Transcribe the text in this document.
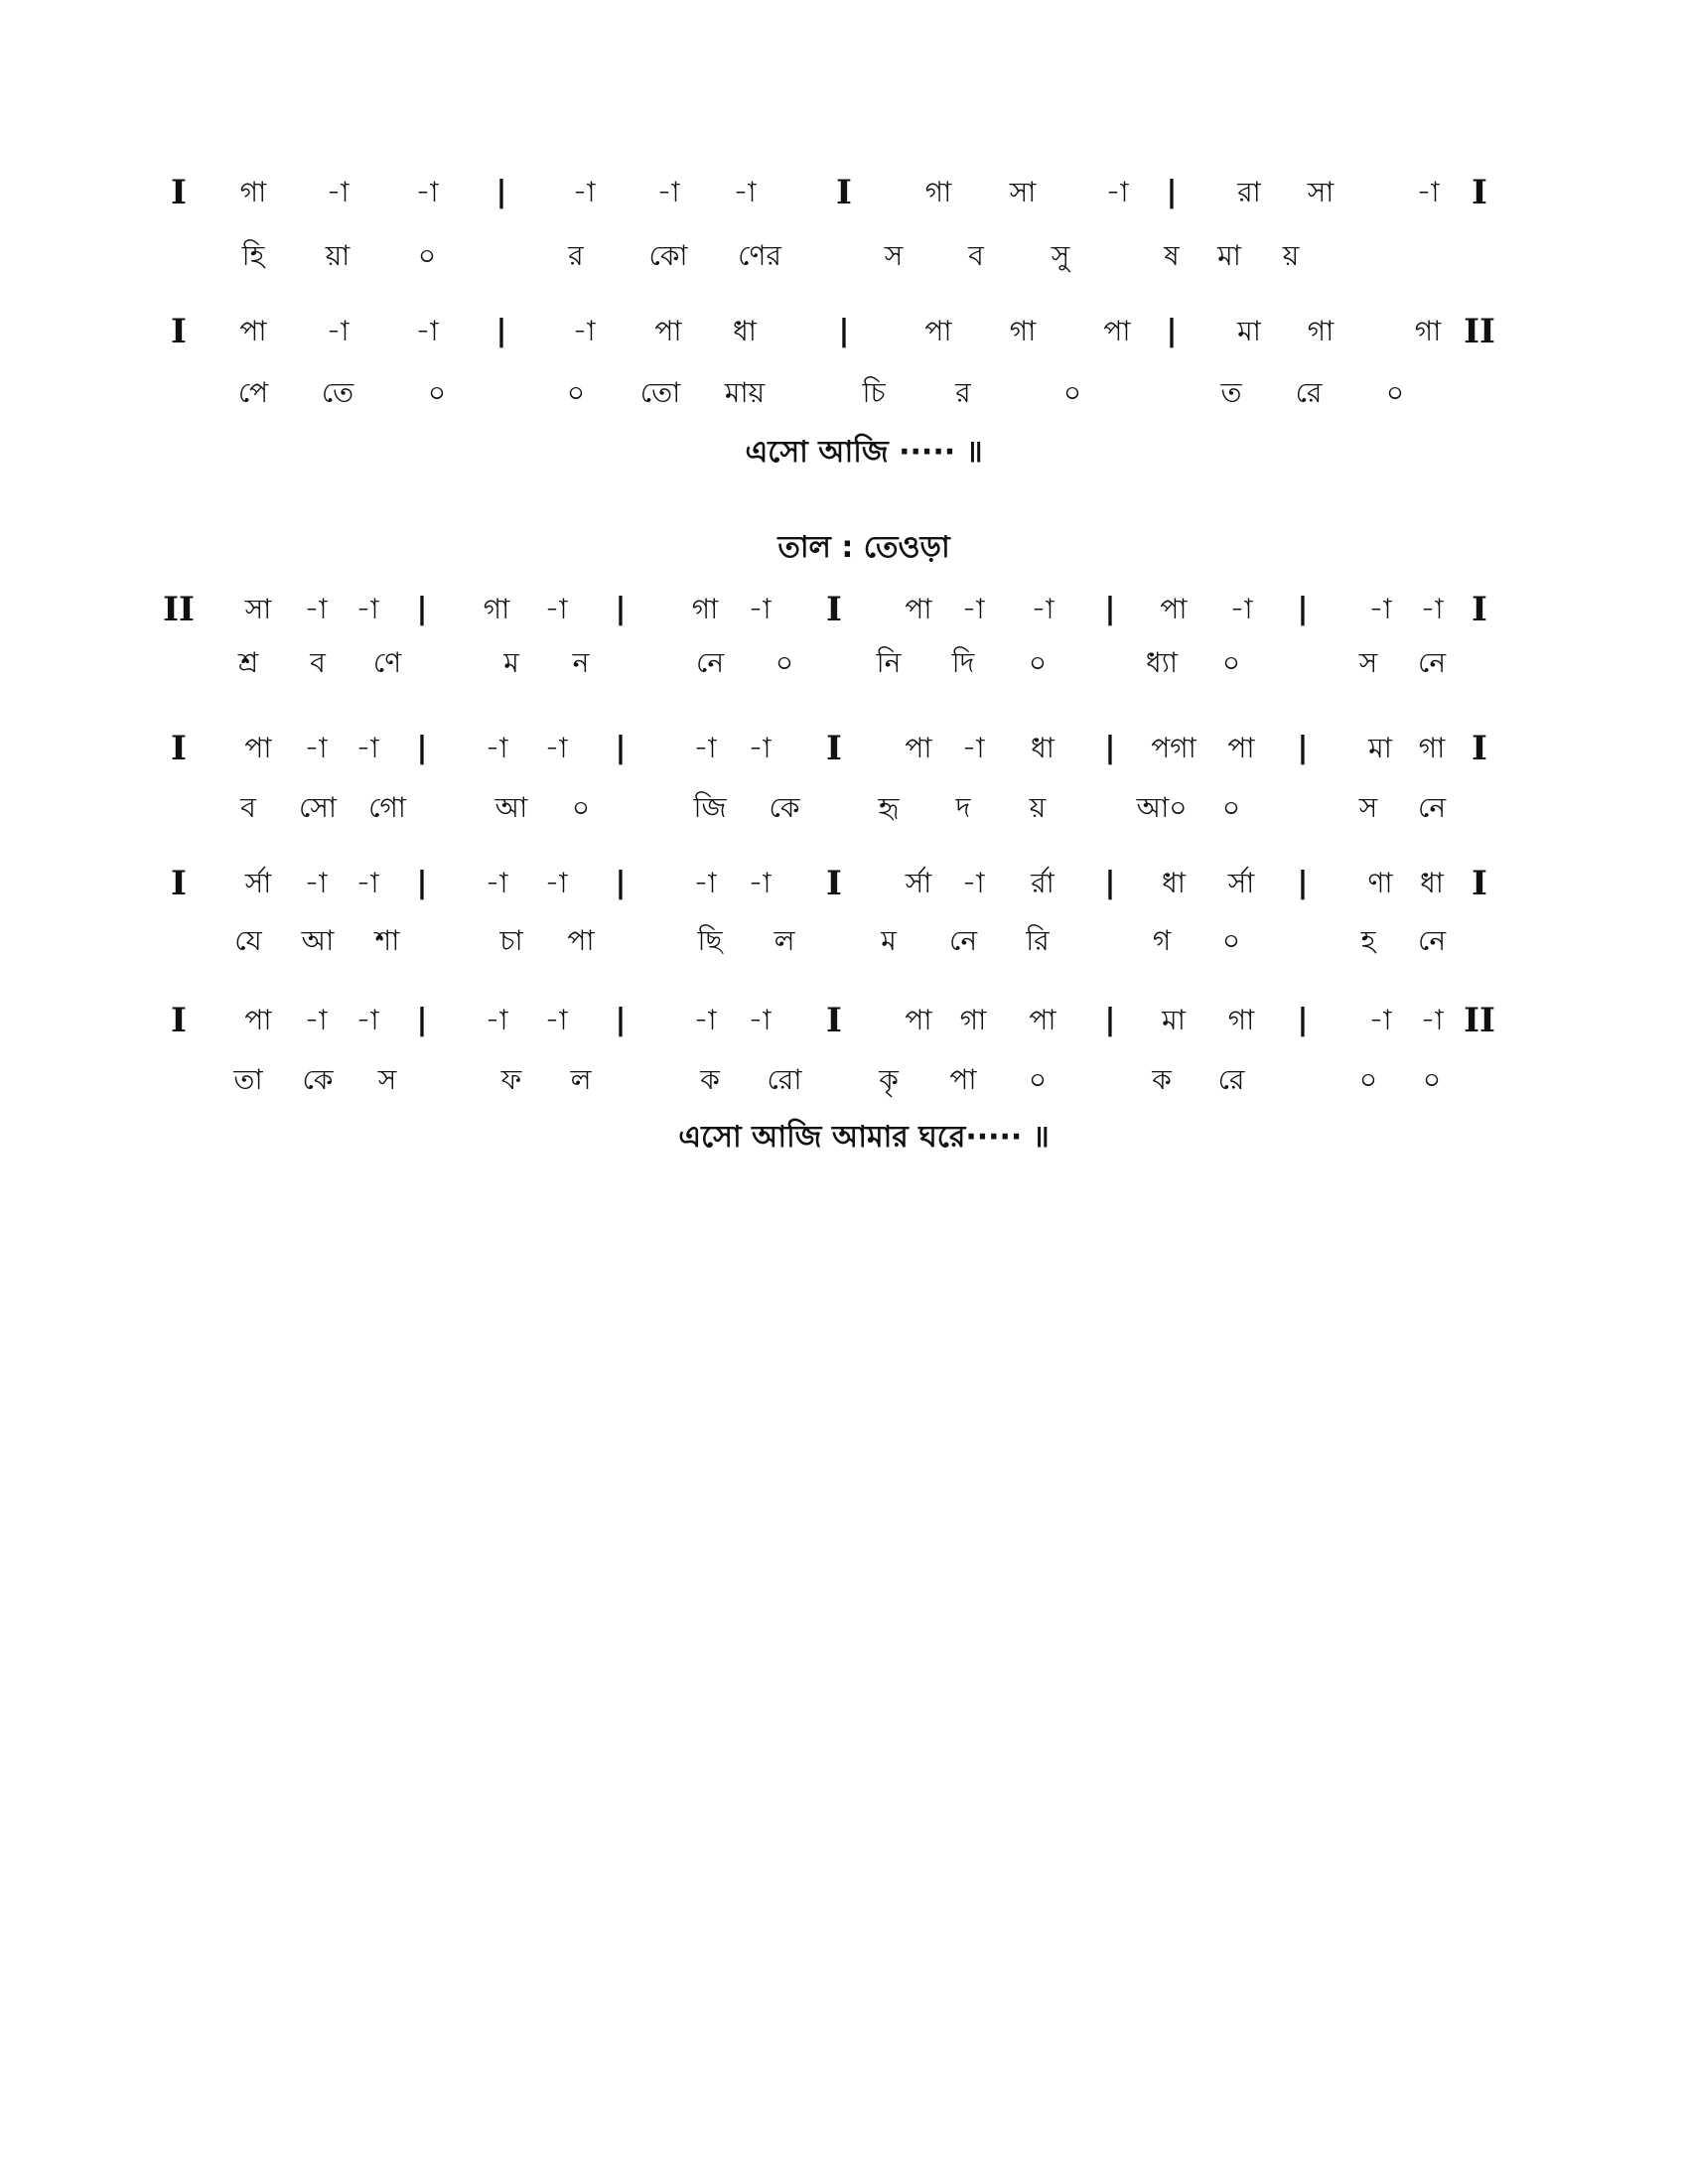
I গা -া -া | -া -া -া I	গা সা	-া | রা সা	-া I
হি য়া ০	র কো ণের	স ব সু	ষ মা য়
I পা -া -া | -া পা ধা	|	পা গা পা | মা গা	গা II
পে তে	০	০ তো মায়	চি	র	০	ত রে ০
এসো আজি ····· ॥
তাল : তেওড়া
II সা -া -া | গা -া | গা -া I পা -া -া | পা -া | -া -া I
শ্র ব ণে	ম ন	নে ০	নি দি ০	ধ্যা ০	স নে
I পা -া -া | -া -া | -া -া I পা -া ধা | পগা পা | মা গা I
ব সো গো	আ ০	জি কে	হৃ দ য়	আ০ ০	স নে
I র্সা -া -া | -া -া | -া -া I র্সা -া র্রা | ধা র্সা | ণা ধা I
যে আ শা	চা পা	ছি ল	ম নে রি	গ ০	হ নে
I পা -া -া | -া -া | -া -া I পা গা পা | মা গা | -া -া II
তা কে স	ফ ল	ক রো	কৃ পা ০	ক রে	০ ০
এসো আজি আমার ঘরে····· ॥
